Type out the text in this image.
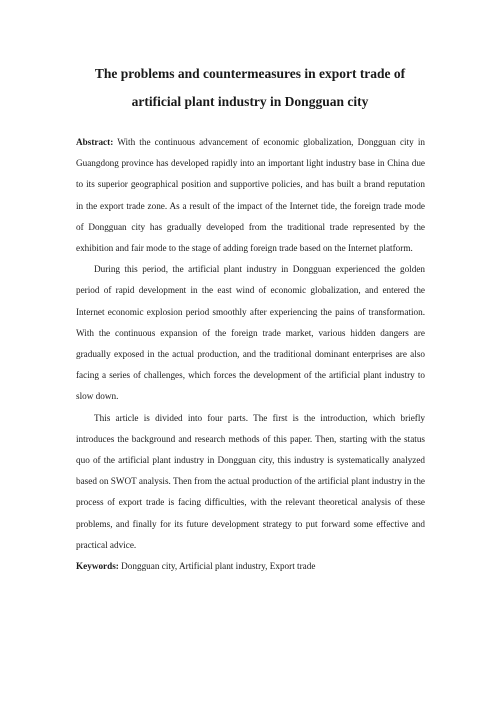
The problems and countermeasures in export trade of
artificial plant industry in Dongguan city

Abstract: With the continuous advancement of economic globalization, Dongguan city in Guangdong province has developed rapidly into an important light industry base in China due to its superior geographical position and supportive policies, and has built a brand reputation in the export trade zone. As a result of the impact of the Internet tide, the foreign trade mode of Dongguan city has gradually developed from the traditional trade represented by the exhibition and fair mode to the stage of adding foreign trade based on the Internet platform.

During this period, the artificial plant industry in Dongguan experienced the golden period of rapid development in the east wind of economic globalization, and entered the Internet economic explosion period smoothly after experiencing the pains of transformation. With the continuous expansion of the foreign trade market, various hidden dangers are gradually exposed in the actual production, and the traditional dominant enterprises are also facing a series of challenges, which forces the development of the artificial plant industry to slow down.

This article is divided into four parts. The first is the introduction, which briefly introduces the background and research methods of this paper. Then, starting with the status quo of the artificial plant industry in Dongguan city, this industry is systematically analyzed based on SWOT analysis. Then from the actual production of the artificial plant industry in the process of export trade is facing difficulties, with the relevant theoretical analysis of these problems, and finally for its future development strategy to put forward some effective and practical advice.

Keywords: Dongguan city, Artificial plant industry, Export trade
